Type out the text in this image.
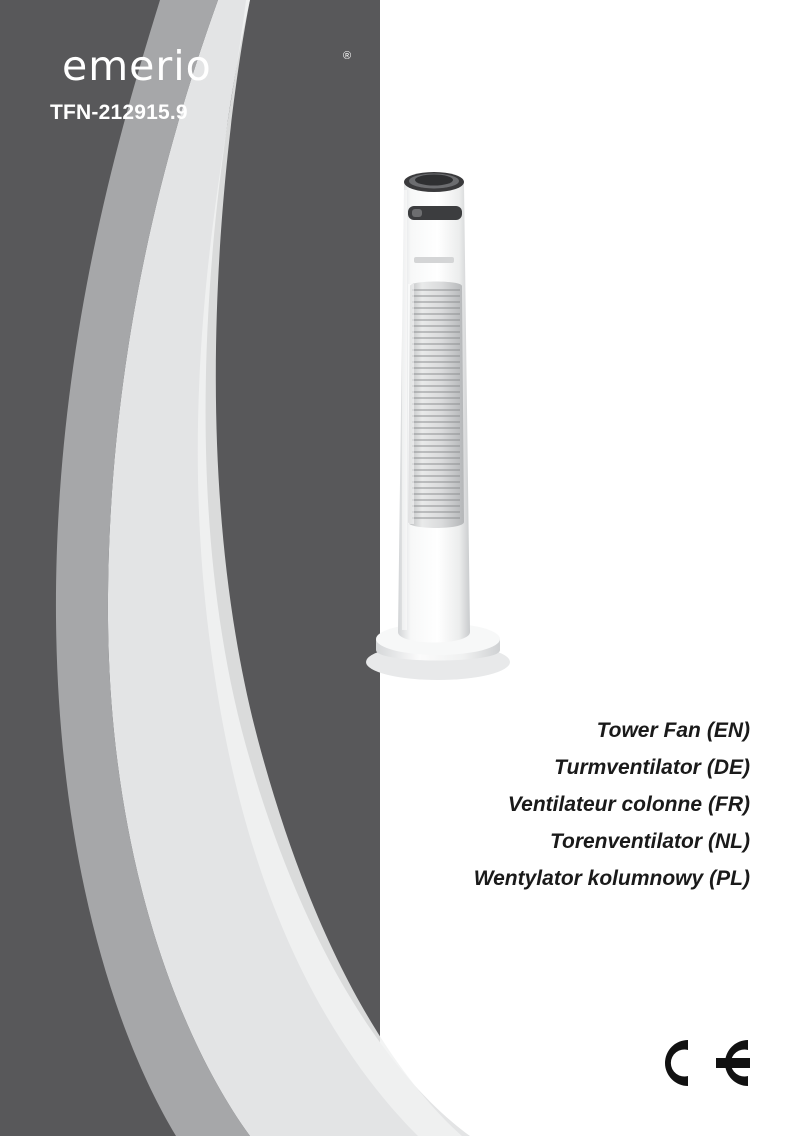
emerio	®
TFN-212915.9
Tower Fan (EN)
Turmventilator (DE)
Ventilateur colonne (FR)
Torenventilator (NL)
Wentylator kolumnowy (PL)
